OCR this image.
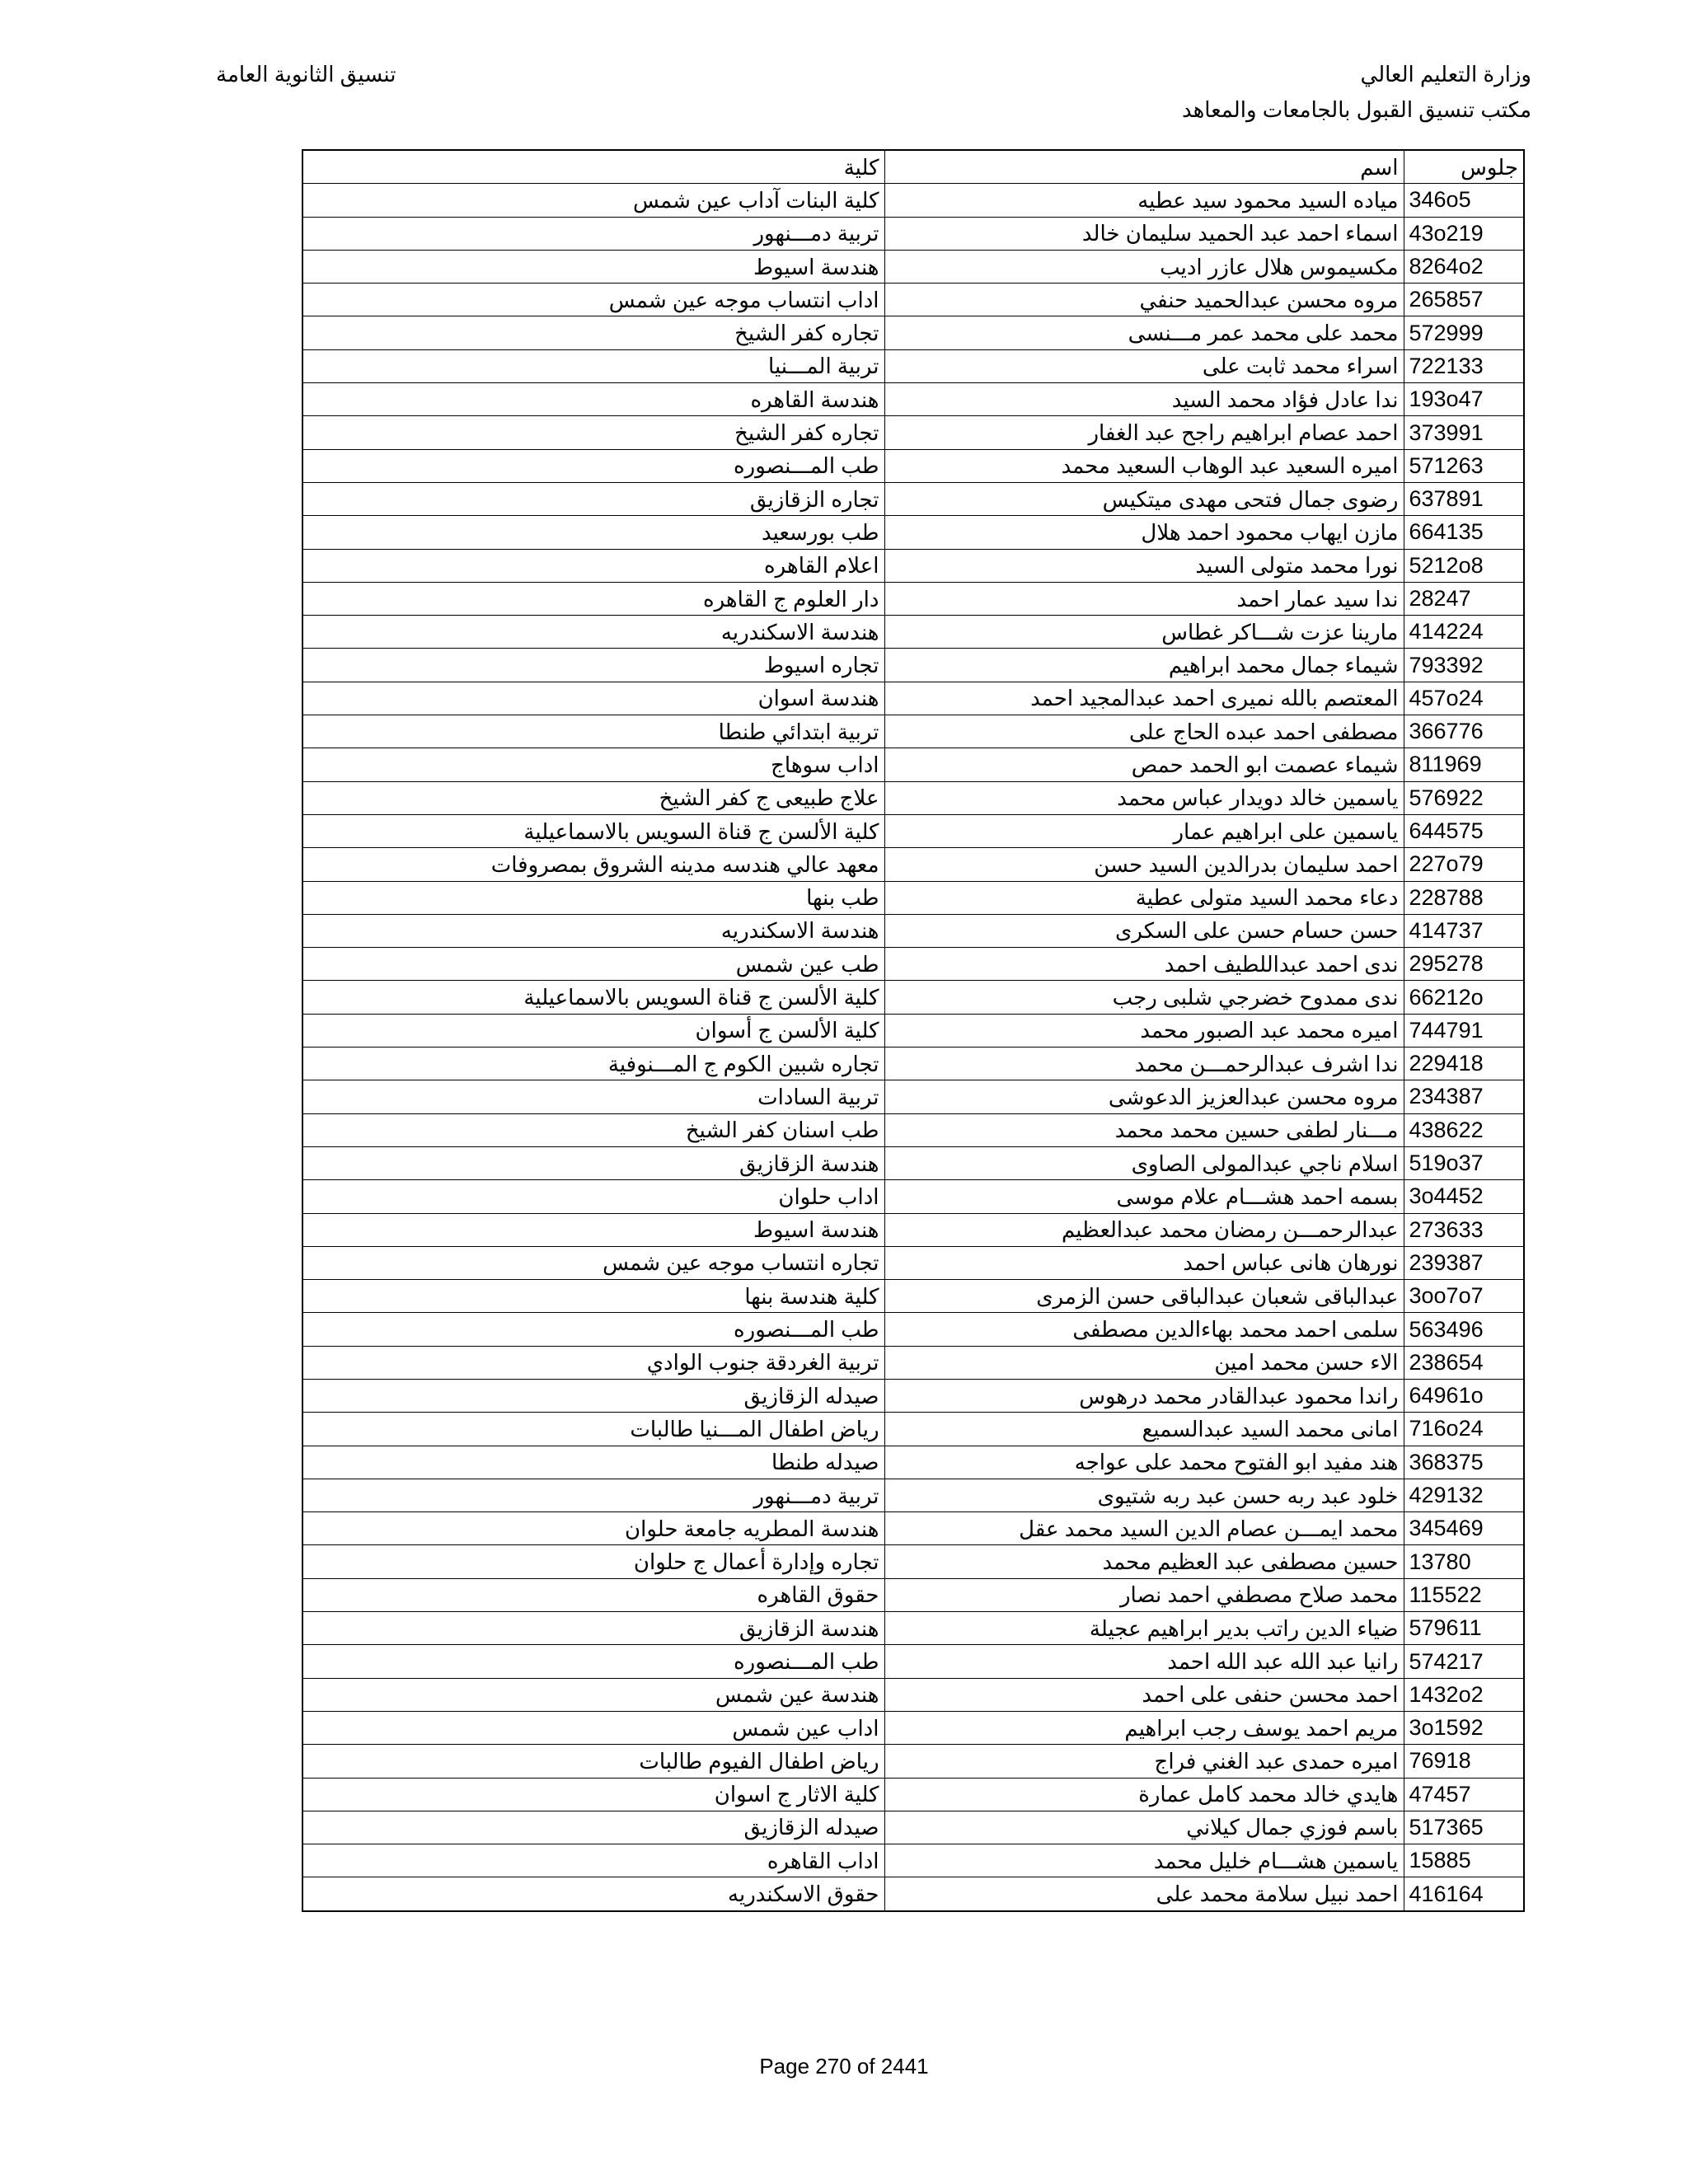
وزارة التعليم العالي
مكتب تنسيق القبول بالجامعات والمعاهد
تنسيق الثانوية العامة
كلية	اسم	جلوس
كلية البنات آداب عين شمس	مياده السيد محمود سيد عطيه	346o5
تربية دمـــنهور	اسماء احمد عبد الحميد سليمان خالد	43o219
هندسة اسيوط	مكسيموس هلال عازر اديب	8264o2
اداب انتساب موجه عين شمس	مروه محسن عبدالحميد حنفي	265857
تجاره كفر الشيخ	محمد على محمد عمر مـــنسى	572999
تربية المـــنيا	اسراء محمد ثابت على	722133
هندسة القاهره	ندا عادل فؤاد محمد السيد	193o47
تجاره كفر الشيخ	احمد عصام ابراهيم راجح عبد الغفار	373991
طب المـــنصوره	اميره السعيد عبد الوهاب السعيد محمد	571263
تجاره الزقازيق	رضوى جمال فتحى مهدى ميتكيس	637891
طب بورسعيد	مازن ايهاب محمود احمد هلال	664135
اعلام القاهره	نورا محمد متولى السيد	5212o8
دار العلوم ج القاهره	ندا سيد عمار احمد	28247
هندسة الاسكندريه	مارينا عزت شـــاكر غطاس	414224
تجاره اسيوط	شيماء جمال محمد ابراهيم	793392
هندسة اسوان	المعتصم بالله نميرى احمد عبدالمجيد احمد	457o24
تربية ابتدائي طنطا	مصطفى احمد عبده الحاج على	366776
اداب سوهاج	شيماء عصمت ابو الحمد حمص	811969
علاج طبيعى ج كفر الشيخ	ياسمين خالد دويدار عباس محمد	576922
كلية الألسن ج قناة السويس بالاسماعيلية	ياسمين على ابراهيم عمار	644575
معهد عالي هندسه مدينه الشروق بمصروفات	احمد سليمان بدرالدين السيد حسن	227o79
طب بنها	دعاء محمد السيد متولى عطية	228788
هندسة الاسكندريه	حسن حسام حسن على السكرى	414737
طب عين شمس	ندى احمد عبداللطيف احمد	295278
كلية الألسن ج قناة السويس بالاسماعيلية	ندى ممدوح خضرجي شلبى رجب	66212o
كلية الألسن ج أسوان	اميره محمد عبد الصبور محمد	744791
تجاره شبين الكوم ج المـــنوفية	ندا اشرف عبدالرحمـــن محمد	229418
تربية السادات	مروه محسن عبدالعزيز الدعوشى	234387
طب اسنان كفر الشيخ	مـــنار لطفى حسين محمد محمد	438622
هندسة الزقازيق	اسلام ناجي عبدالمولى الصاوى	519o37
اداب حلوان	بسمه احمد هشـــام علام موسى	3o4452
هندسة اسيوط	عبدالرحمـــن رمضان محمد عبدالعظيم	273633
تجاره انتساب موجه عين شمس	نورهان هانى عباس احمد	239387
كلية هندسة بنها	عبدالباقى شعبان عبدالباقى حسن الزمرى	3oo7o7
طب المـــنصوره	سلمى احمد محمد بهاءالدين مصطفى	563496
تربية الغردقة جنوب الوادي	الاء حسن محمد امين	238654
صيدله الزقازيق	راندا محمود عبدالقادر محمد درهوس	64961o
رياض اطفال المـــنيا طالبات	امانى محمد السيد عبدالسميع	716o24
صيدله طنطا	هند مفيد ابو الفتوح محمد على عواجه	368375
تربية دمـــنهور	خلود عبد ربه حسن عبد ربه شتيوى	429132
هندسة المطريه جامعة حلوان	محمد ايمـــن عصام الدين السيد محمد عقل	345469
تجاره وإدارة أعمال ج حلوان	حسين مصطفى عبد العظيم محمد	13780
حقوق القاهره	محمد صلاح مصطفي احمد نصار	115522
هندسة الزقازيق	ضياء الدين راتب بدير ابراهيم عجيلة	579611
طب المـــنصوره	رانيا عبد الله عبد الله احمد	574217
هندسة عين شمس	احمد محسن حنفى على احمد	1432o2
اداب عين شمس	مريم احمد يوسف رجب ابراهيم	3o1592
رياض اطفال الفيوم طالبات	اميره حمدى عبد الغني فراج	76918
كلية الاثار ج اسوان	هايدي خالد محمد كامل عمارة	47457
صيدله الزقازيق	باسم فوزي جمال كيلاني	517365
اداب القاهره	ياسمين هشـــام خليل محمد	15885
حقوق الاسكندريه	احمد نبيل سلامة محمد على	416164
Page 270 of 2441
